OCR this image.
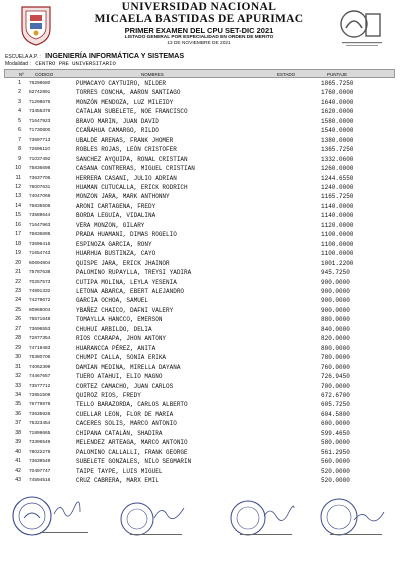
UNIVERSIDAD NACIONAL
MICAELA BASTIDAS DE APURIMAC
PRIMER EXAMEN DEL CPU SET-DIC 2021
LISTADO GENERAL POR ESPECIALIDAD EN ORDEN DE MERITO
13 DE NOVIEMBRE DE 2021
ESCUELA A.P. : INGENIERÍA INFORMÁTICA Y SISTEMAS
Modalidad : CENTRO PRE UNIVERSITARIO
Nº CODIGO	NOMBRES	ESTADO	PUNTAJE
1 76298680	PUMACAYO CAYTUIRO, NILDER	1865.7250
2 62742891	TORRES CONCHA, AARON SANTIAGO	1760.0000
3 71298676	MONZÓN MENDOZA, LUZ MILEIDY	1640.0000
4 73455376	CATALAN SUBELETE, NOE FRANCISCO	1620.0000
5 71647923	BRAVO MARIN, JUAN DAVID	1580.0000
6 71730800	CCAÑAHUA CAMARGO, RILDO	1540.0000
7 73697713	UBALDE ARENAS, FRANK JHOMER	1380.0000
8 72696110	ROBLES ROJAS, LEÓN CRISTOFER	1365.7250
9 71037492	SANCHEZ AYQUIPA, RONAL CRISTIAN	1332.0600
10 75836698	CASANA CONTRERAS, MIGUEL CRISTIAN	1260.0000
11 73637706	HERRERA CASANI, JULIO ADRIAN	1244.6550
12 76007631	HUAMAN CUTUCALLA, ERICK RODRICH	1240.0000
13 74047069	MONZON JARA, MARK ANTHONNY	1165.7250
14 76835508	ARONI CARTAGENA, FREDY	1140.0000
15 73589644	BORDA LEGUIA, VIDALINA	1140.0000
16 71647963	VERA MONZON, GILARY	1120.0000
17 76836898	PRADA HUAMANI, DIMAS ROGELIO	1100.0000
18 73696415	ESPINOZA GARCIA, RONY	1100.0000
19 71654743	HUARHUA BUSTINZA, CAYO	1100.0000
20 60694804	QUISPE JARA, ERICK JHAINOR	1001.2200
21 75787638	PALOMINO RUPAYLLA, TREYSI YADIRA	945.7250
22 70257573	CUTIPA MOLINA, LEYLA YESENIA	900.0000
23 74891332	LETONA ABARCA, EBERT ALEJANDRO	900.0000
24 74279672	GARCIA OCHOA, SAMUEL	900.0000
25 60968004	YBAÑEZ CHAICO, DAFNI VALERY	900.0000
26 75571648	TOMAYLLA HANCCO, EMERSON	880.0000
27 73696553	CHUHUI ARBILDO, DELIA	840.0000
28 72877354	RIOS CCARAPA, JHON ANTONY	820.0000
29 74719483	HUARANCCA PÉREZ, ANITA	800.0000
30 75380706	CHUMPI CALLA, SONIA ERIKA	780.0000
31 74062399	DAMIAN MEDINA, MIRELLA DAYANA	760.0000
32 74467657	TUERO ATAHUI, ELIO MAGNO	726.9450
33 73577712	CORTEZ CAMACHO, JUAN CARLOS	700.0000
34 73951509	QUIROZ RIOS, FREDY	672.6700
35 76779978	TELLO BARAZORDA, CARLOS ALBERTO	605.7250
36 73635928	CUELLAR LEON, FLOR DE MARIA	604.5800
37 75323454	CACERES SOLIS, MARCO ANTONIO	600.0000
38 71899665	CHIPANA CATALÁN, SHADIRA	599.4650
39 73396549	MELENDEZ ARTEAGA, MARCO ANTONIO	580.0000
40 78022279	PALOMINO CALLALLI, FRANK GEORGE	561.2950
41 73639549	SUBELETE GONZALES, NILO SEGMARIN	560.0000
42 70497747	TAIPE TAYPE, LUIS MIGUEL	520.0000
43 74594516	CRUZ CABRERA, MARX EMIL	520.0000
